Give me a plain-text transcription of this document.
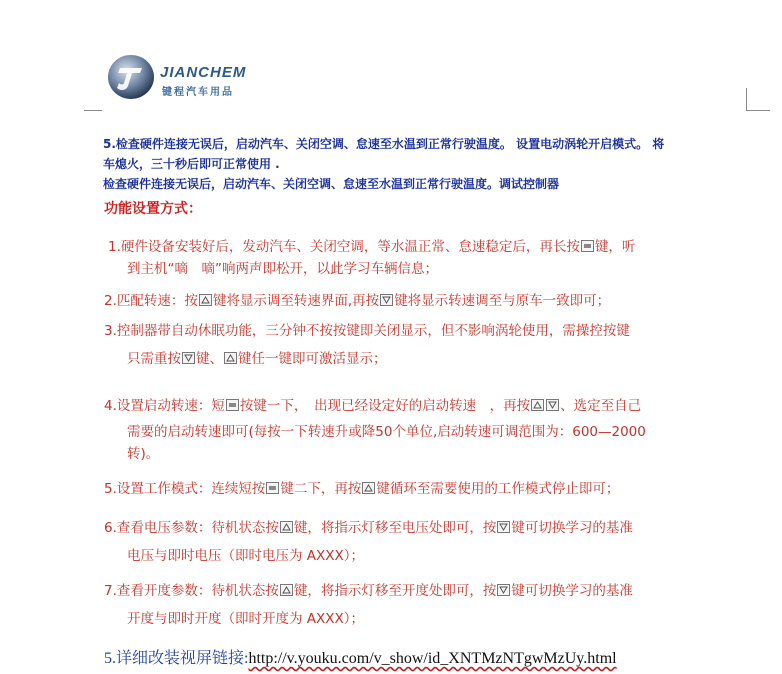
JIANCHEM
键程汽车用品
5.检查硬件连接无误后，启动汽车、关闭空调、怠速至水温到正常行驶温度。 设置电动涡轮开启模式。 将
车熄火，三十秒后即可正常使用 .
检查硬件连接无误后，启动汽车、关闭空调、怠速至水温到正常行驶温度。调试控制器
功能设置方式：
1.硬件设备安装好后，发动汽车、关闭空调，等水温正常、怠速稳定后，再长按 键，听
到主机“嘀　嘀”响两声即松开，以此学习车辆信息；
2.匹配转速：按 键将显示调至转速界面,再按 键将显示转速调至与原车一致即可；
3.控制器带自动休眠功能，三分钟不按按键即关闭显示，但不影响涡轮使用，需操控按键
只需重按 键、 键任一键即可激活显示；
4.设置启动转速：短 按键一下，　出现已经设定好的启动转速　，再按 、选定至自己
需要的启动转速即可(每按一下转速升或降50个单位,启动转速可调范围为：600—2000
转)。
5.设置工作模式：连续短按 键二下，再按 键循环至需要使用的工作模式停止即可；
6.查看电压参数：待机状态按 键，将指示灯移至电压处即可，按 键可切换学习的基准
电压与即时电压（即时电压为 AXXX）；
7.查看开度参数：待机状态按 键，将指示灯移至开度处即可，按 键可切换学习的基准
开度与即时开度（即时开度为 AXXX）；
5.详细改装视屏链接:http://v.youku.com/v_show/id_XNTMzNTgwMzUy.html
